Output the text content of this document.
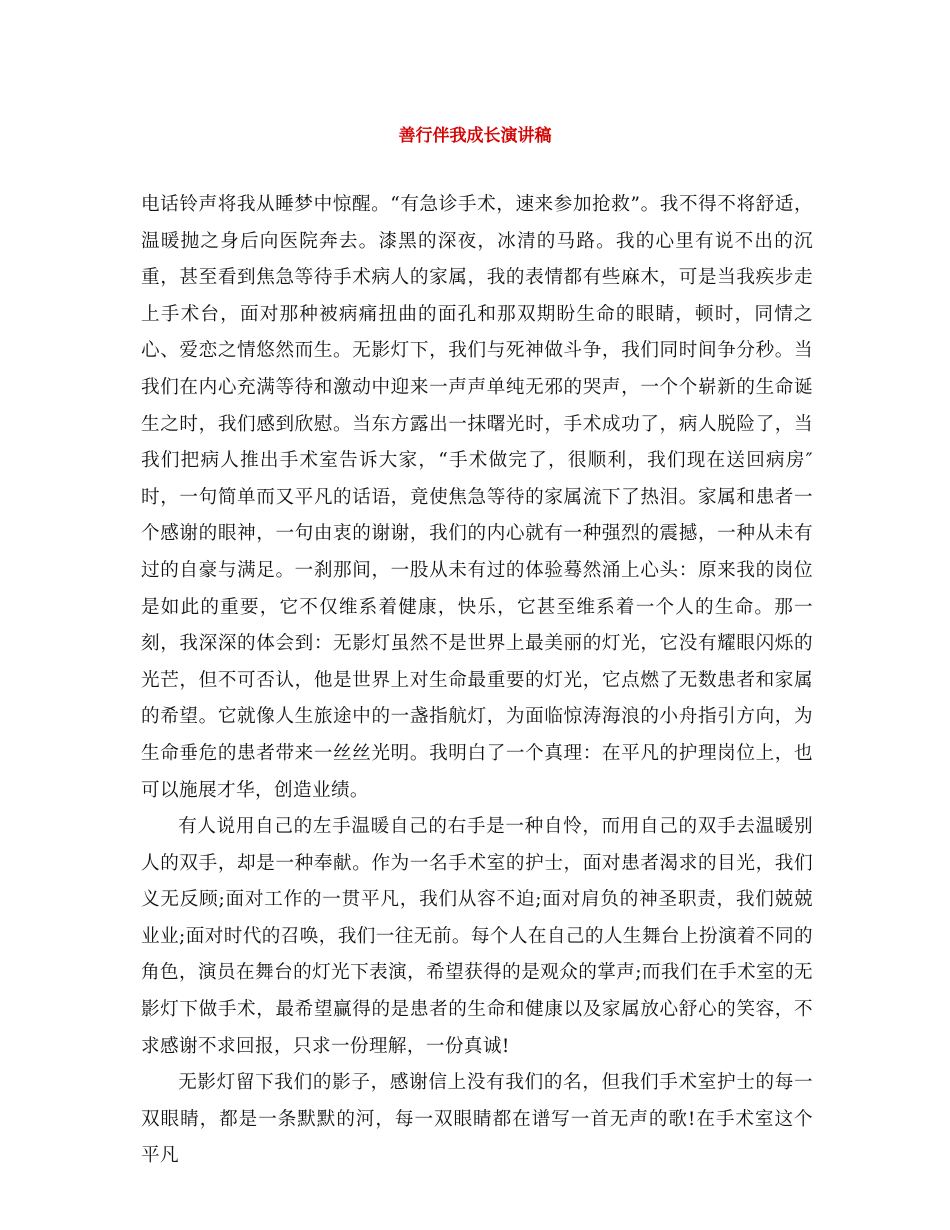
善行伴我成长演讲稿

电话铃声将我从睡梦中惊醒。“有急诊手术，速来参加抢救”。我不得不将舒适，温暖抛之身后向医院奔去。漆黑的深夜，冰清的马路。我的心里有说不出的沉重，甚至看到焦急等待手术病人的家属，我的表情都有些麻木，可是当我疾步走上手术台，面对那种被病痛扭曲的面孔和那双期盼生命的眼睛，顿时，同情之心、爱恋之情悠然而生。无影灯下，我们与死神做斗争，我们同时间争分秒。当我们在内心充满等待和激动中迎来一声声单纯无邪的哭声，一个个崭新的生命诞生之时，我们感到欣慰。当东方露出一抹曙光时，手术成功了，病人脱险了，当我们把病人推出手术室告诉大家，“手术做完了，很顺利，我们现在送回病房″时，一句简单而又平凡的话语，竟使焦急等待的家属流下了热泪。家属和患者一个感谢的眼神，一句由衷的谢谢，我们的内心就有一种强烈的震撼，一种从未有过的自豪与满足。一刹那间，一股从未有过的体验蓦然涌上心头：原来我的岗位是如此的重要，它不仅维系着健康，快乐，它甚至维系着一个人的生命。那一刻，我深深的体会到：无影灯虽然不是世界上最美丽的灯光，它没有耀眼闪烁的光芒，但不可否认，他是世界上对生命最重要的灯光，它点燃了无数患者和家属的希望。它就像人生旅途中的一盏指航灯，为面临惊涛海浪的小舟指引方向，为生命垂危的患者带来一丝丝光明。我明白了一个真理：在平凡的护理岗位上，也可以施展才华，创造业绩。

有人说用自己的左手温暖自己的右手是一种自怜，而用自己的双手去温暖别人的双手，却是一种奉献。作为一名手术室的护士，面对患者渴求的目光，我们义无反顾;面对工作的一贯平凡，我们从容不迫;面对肩负的神圣职责，我们兢兢业业;面对时代的召唤，我们一往无前。每个人在自己的人生舞台上扮演着不同的角色，演员在舞台的灯光下表演，希望获得的是观众的掌声;而我们在手术室的无影灯下做手术，最希望赢得的是患者的生命和健康以及家属放心舒心的笑容，不求感谢不求回报，只求一份理解，一份真诚!

无影灯留下我们的影子，感谢信上没有我们的名，但我们手术室护士的每一双眼睛，都是一条默默的河，每一双眼睛都在谱写一首无声的歌!在手术室这个平凡
